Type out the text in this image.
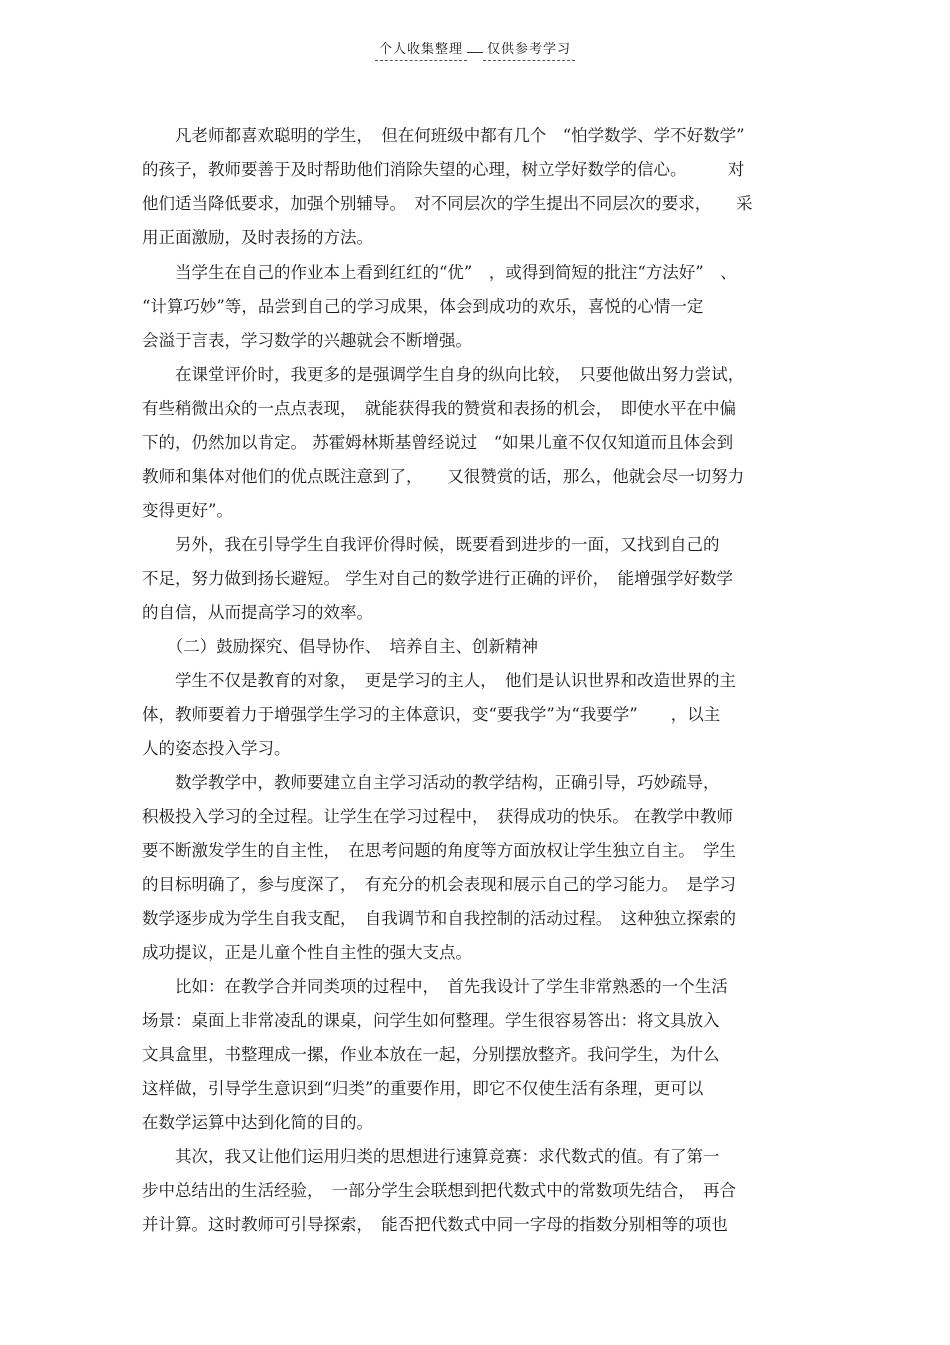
个人收集整理 仅供参考学习
　　凡老师都喜欢聪明的学生，　但在何班级中都有几个　“怕学数学、学不好数学”
的孩子，教师要善于及时帮助他们消除失望的心理，树立学好数学的信心。　　　对
他们适当降低要求，加强个别辅导。　对不同层次的学生提出不同层次的要求，　　采
用正面激励，及时表扬的方法。
　　当学生在自己的作业本上看到红红的“优”　，或得到简短的批注“方法好”　、
“计算巧妙”等，品尝到自己的学习成果，体会到成功的欢乐，喜悦的心情一定
会溢于言表，学习数学的兴趣就会不断增强。
　　在课堂评价时，我更多的是强调学生自身的纵向比较，　只要他做出努力尝试，
有些稍微出众的一点点表现，　就能获得我的赞赏和表扬的机会，　即使水平在中偏
下的，仍然加以肯定。 苏霍姆林斯基曾经说过　“如果儿童不仅仅知道而且体会到
教师和集体对他们的优点既注意到了，　　又很赞赏的话，那么，他就会尽一切努力
变得更好”。
　　另外，我在引导学生自我评价得时候，既要看到进步的一面，又找到自己的
不足，努力做到扬长避短。 学生对自己的数学进行正确的评价，　能增强学好数学
的自信，从而提高学习的效率。
　　（二）鼓励探究、倡导协作、　培养自主、创新精神
　　学生不仅是教育的对象，　更是学习的主人，　他们是认识世界和改造世界的主
体，教师要着力于增强学生学习的主体意识，变“要我学”为“我要学”　　，以主
人的姿态投入学习。
　　数学教学中，教师要建立自主学习活动的教学结构，正确引导，巧妙疏导，
积极投入学习的全过程。让学生在学习过程中，　获得成功的快乐。 在教学中教师
要不断激发学生的自主性，　在思考问题的角度等方面放权让学生独立自主。　学生
的目标明确了，参与度深了，　有充分的机会表现和展示自己的学习能力。　是学习
数学逐步成为学生自我支配，　自我调节和自我控制的活动过程。　这种独立探索的
成功提议，正是儿童个性自主性的强大支点。
　　比如：在教学合并同类项的过程中，　首先我设计了学生非常熟悉的一个生活
场景：桌面上非常凌乱的课桌，问学生如何整理。学生很容易答出：将文具放入
文具盒里，书整理成一摞，作业本放在一起，分别摆放整齐。我问学生，为什么
这样做，引导学生意识到“归类”的重要作用，即它不仅使生活有条理，更可以
在数学运算中达到化简的目的。
　　其次，我又让他们运用归类的思想进行速算竞赛：求代数式的值。有了第一
步中总结出的生活经验，　一部分学生会联想到把代数式中的常数项先结合，　再合
并计算。这时教师可引导探索，　能否把代数式中同一字母的指数分别相等的项也
